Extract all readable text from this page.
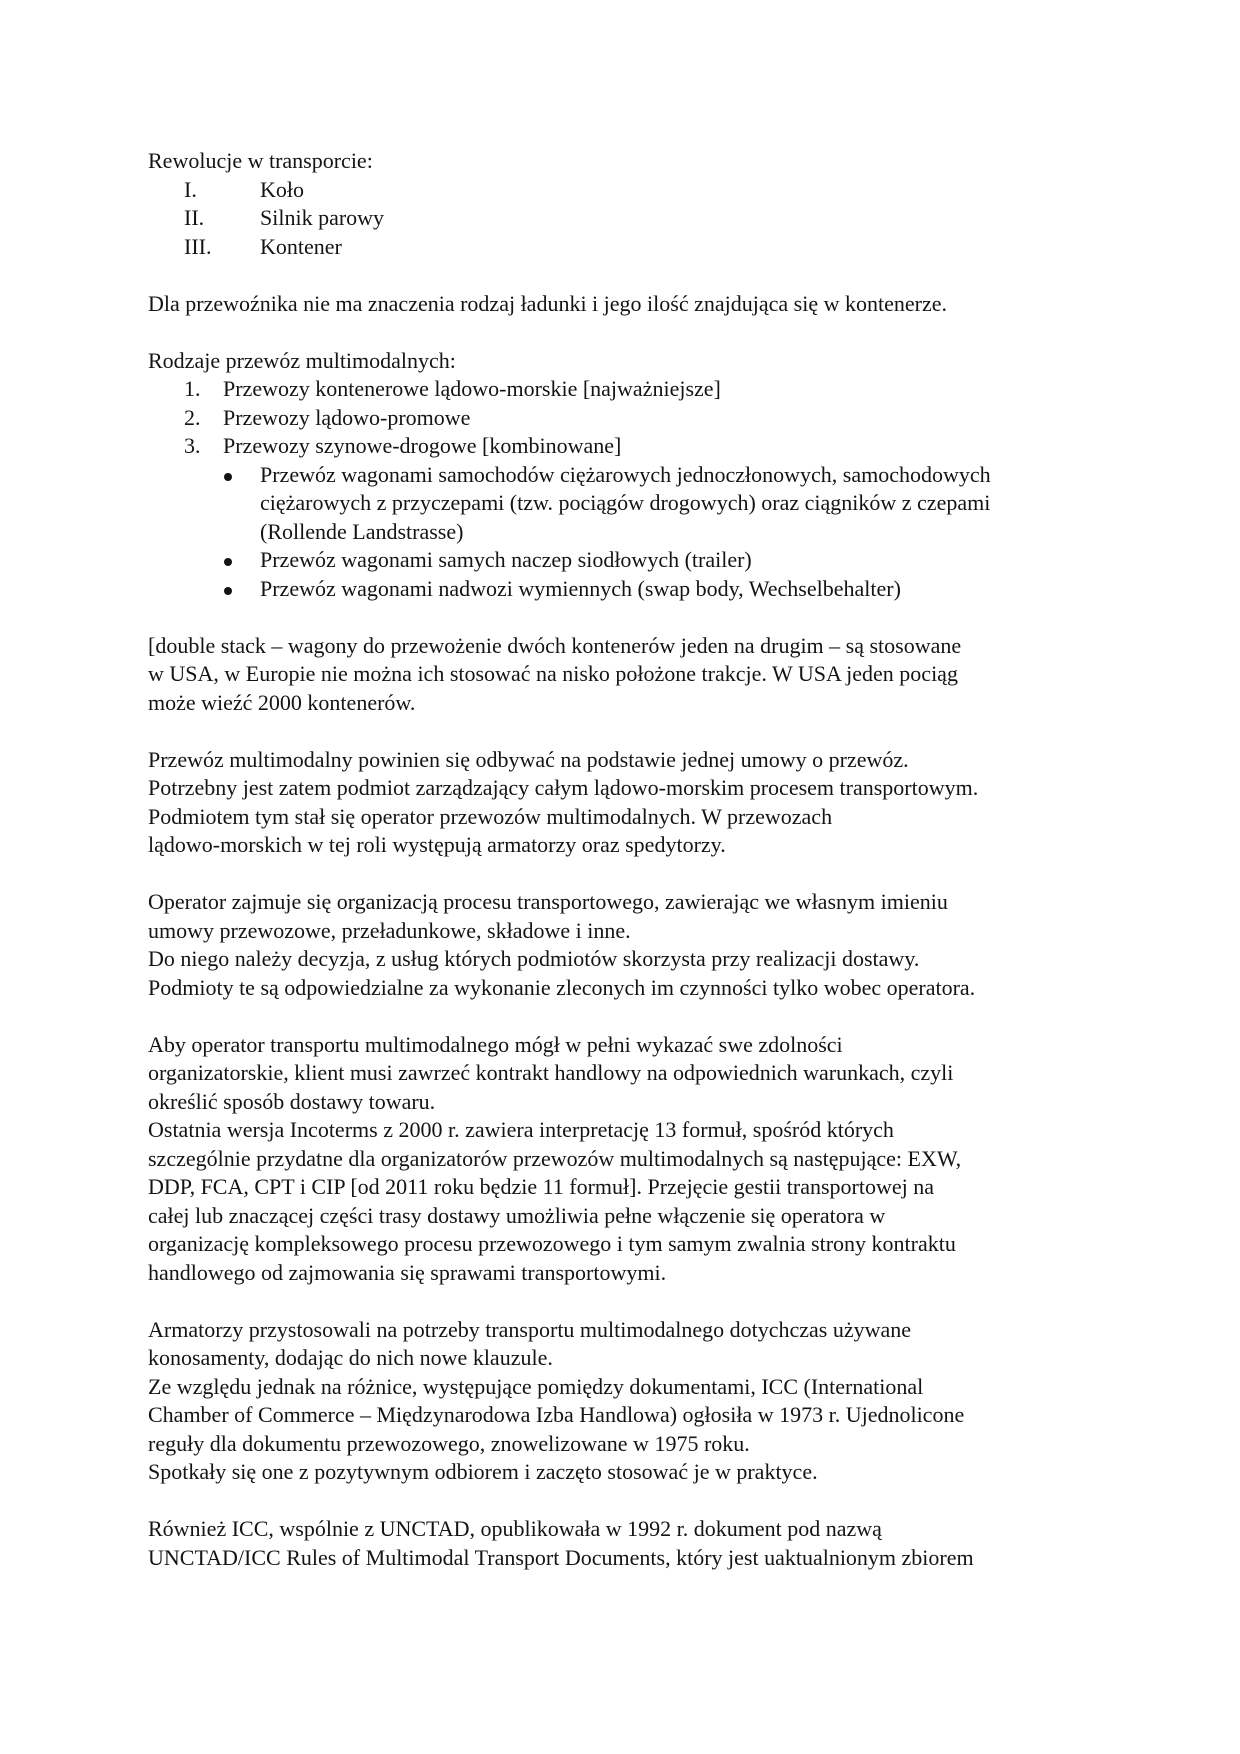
Rewolucje w transporcie:

I.	Koło
II.	Silnik parowy
III. Kontener

Dla przewoźnika nie ma znaczenia rodzaj ładunki i jego ilość znajdująca się w kontenerze.

Rodzaje przewóz multimodalnych:

1. Przewozy kontenerowe lądowo-morskie [najważniejsze]
2. Przewozy lądowo-promowe
3. Przewozy szynowe-drogowe [kombinowane]
Przewóz wagonami samochodów ciężarowych jednoczłonowych, samochodowych
ciężarowych z przyczepami (tzw. pociągów drogowych) oraz ciągników z czepami
(Rollende Landstrasse)
Przewóz wagonami samych naczep siodłowych (trailer)
Przewóz wagonami nadwozi wymiennych (swap body, Wechselbehalter)

[double stack – wagony do przewożenie dwóch kontenerów jeden na drugim – są stosowane
w USA, w Europie nie można ich stosować na nisko położone trakcje. W USA jeden pociąg
może wieźć 2000 kontenerów.

Przewóz multimodalny powinien się odbywać na podstawie jednej umowy o przewóz.
Potrzebny jest zatem podmiot zarządzający całym lądowo-morskim procesem transportowym.
Podmiotem tym stał się operator przewozów multimodalnych. W przewozach
lądowo-morskich w tej roli występują armatorzy oraz spedytorzy.

Operator zajmuje się organizacją procesu transportowego, zawierając we własnym imieniu
umowy przewozowe, przeładunkowe, składowe i inne.
Do niego należy decyzja, z usług których podmiotów skorzysta przy realizacji dostawy.
Podmioty te są odpowiedzialne za wykonanie zleconych im czynności tylko wobec operatora.

Aby operator transportu multimodalnego mógł w pełni wykazać swe zdolności
organizatorskie, klient musi zawrzeć kontrakt handlowy na odpowiednich warunkach, czyli
określić sposób dostawy towaru.
Ostatnia wersja Incoterms z 2000 r. zawiera interpretację 13 formuł, spośród których
szczególnie przydatne dla organizatorów przewozów multimodalnych są następujące: EXW,
DDP, FCA, CPT i CIP [od 2011 roku będzie 11 formuł]. Przejęcie gestii transportowej na
całej lub znaczącej części trasy dostawy umożliwia pełne włączenie się operatora w
organizację kompleksowego procesu przewozowego i tym samym zwalnia strony kontraktu
handlowego od zajmowania się sprawami transportowymi.

Armatorzy przystosowali na potrzeby transportu multimodalnego dotychczas używane
konosamenty, dodając do nich nowe klauzule.
Ze względu jednak na różnice, występujące pomiędzy dokumentami, ICC (International
Chamber of Commerce – Międzynarodowa Izba Handlowa) ogłosiła w 1973 r. Ujednolicone
reguły dla dokumentu przewozowego, znowelizowane w 1975 roku.
Spotkały się one z pozytywnym odbiorem i zaczęto stosować je w praktyce.

Również ICC, wspólnie z UNCTAD, opublikowała w 1992 r. dokument pod nazwą
UNCTAD/ICC Rules of Multimodal Transport Documents, który jest uaktualnionym zbiorem
